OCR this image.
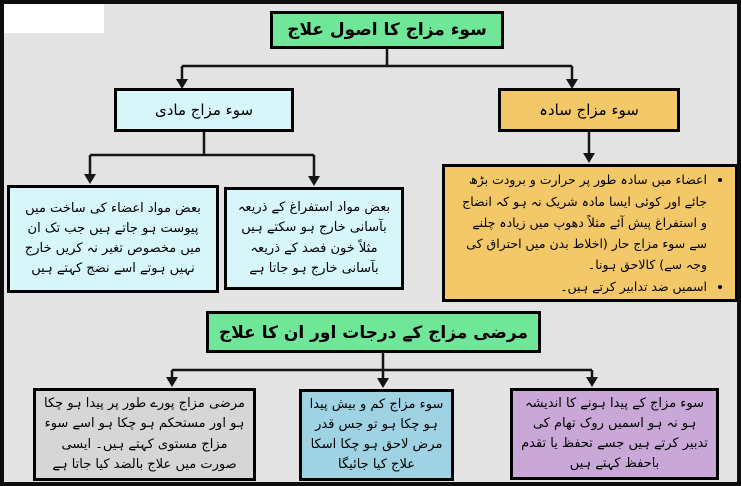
سوء مزاج کا اصول علاج
سوء مزاج مادی	سوء مزاج سادہ
بعض مواد اعضاء کی ساخت میں پیوست ہو جاتے ہیں جب تک ان میں مخصوص تغیر نہ کریں خارج نہیں ہوتے اسے نضج کہتے ہیں
بعض مواد استفراغ کے ذریعہ بآسانی خارج ہو سکتے ہیں مثلاً خون فصد کے ذریعہ بآسانی خارج ہو جاتا ہے
• اعضاء میں سادہ طور پر حرارت و برودت بڑھ جائے اور کوئی ایسا مادہ شریک نہ ہو کہ انضاج و استفراغ پیش آئے مثلاً دھوپ میں زیادہ چلنے سے سوء مزاج حار (اخلاط بدن میں احتراق کی وجہ سے) کالاحق ہونا۔
• اسمیں ضد تدابیر کرتے ہیں۔
مرضی مزاج کے درجات اور ان کا علاج
مرضی مزاج پورے طور پر پیدا ہو چکا ہو اور مستحکم ہو چکا ہو اسے سوء مزاج مستوی کہتے ہیں۔ ایسی صورت میں علاج بالضد کیا جاتا ہے
سوء مزاج کم و بیش پیدا ہو چکا ہو تو جس قدر مرض لاحق ہو چکا اسکا علاج کیا جائیگا
سوء مزاج کے پیدا ہونے کا اندیشہ ہو نہ ہو اسمیں روک تھام کی تدبیر کرتے ہیں جسے تحفظ یا تقدم باحفظ کہتے ہیں
